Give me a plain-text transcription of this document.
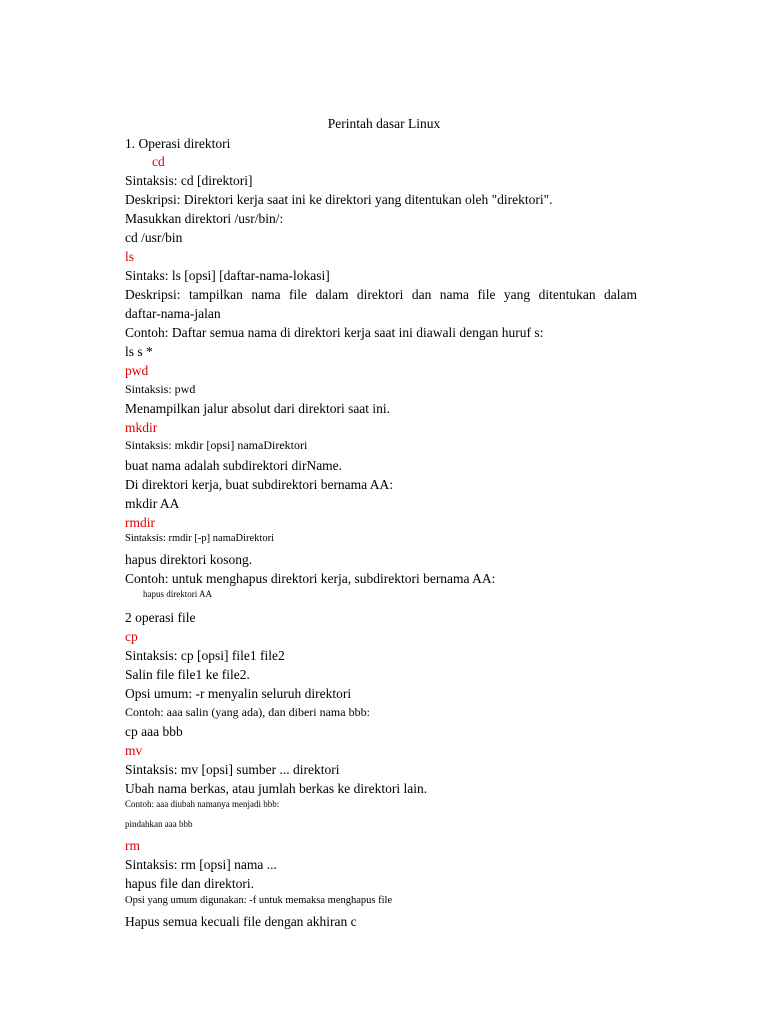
Perintah dasar Linux
1. Operasi direktori
cd
Sintaksis: cd [direktori]
Deskripsi: Direktori kerja saat ini ke direktori yang ditentukan oleh "direktori".
Masukkan direktori /usr/bin/:
cd /usr/bin
ls
Sintaks: ls [opsi] [daftar-nama-lokasi]
Deskripsi: tampilkan nama file dalam direktori dan nama file yang ditentukan dalam
daftar-nama-jalan
Contoh: Daftar semua nama di direktori kerja saat ini diawali dengan huruf s:
ls s *
pwd
Sintaksis: pwd
Menampilkan jalur absolut dari direktori saat ini.
mkdir
Sintaksis: mkdir [opsi] namaDirektori
buat nama adalah subdirektori dirName.
Di direktori kerja, buat subdirektori bernama AA:
mkdir AA
rmdir
Sintaksis: rmdir [-p] namaDirektori
hapus direktori kosong.
Contoh: untuk menghapus direktori kerja, subdirektori bernama AA:
hapus direktori AA
2 operasi file
cp
Sintaksis: cp [opsi] file1 file2
Salin file file1 ke file2.
Opsi umum: -r menyalin seluruh direktori
Contoh: aaa salin (yang ada), dan diberi nama bbb:
cp aaa bbb
mv
Sintaksis: mv [opsi] sumber ... direktori
Ubah nama berkas, atau jumlah berkas ke direktori lain.
Contoh: aaa diubah namanya menjadi bbb:
pindahkan aaa bbb
rm
Sintaksis: rm [opsi] nama ...
hapus file dan direktori.
Opsi yang umum digunakan: -f untuk memaksa menghapus file
Hapus semua kecuali file dengan akhiran c
